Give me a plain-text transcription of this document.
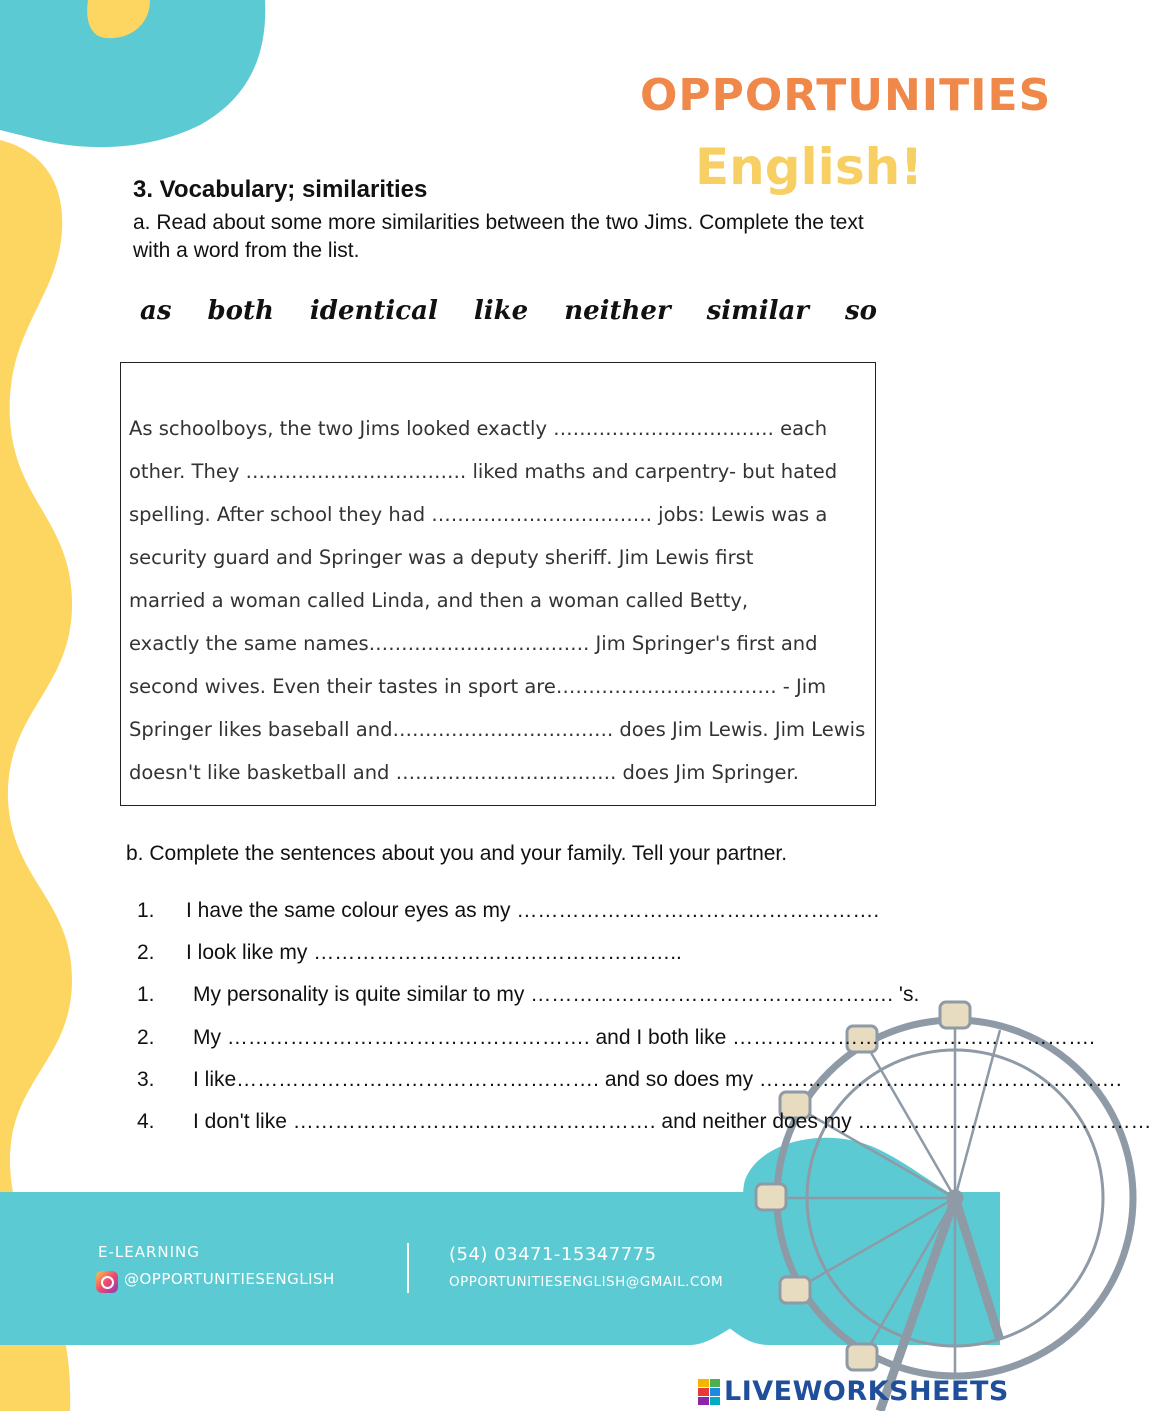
OPPORTUNITIES
English!
3. Vocabulary; similarities
a. Read about some more similarities between the two Jims. Complete the text with a word from the list.
as both identical like neither similar so
As schoolboys, the two Jims looked exactly ……………………………. each
other. They ……………………………. liked maths and carpentry- but hated
spelling. After school they had ……………………………. jobs: Lewis was a
security guard and Springer was a deputy sheriff. Jim Lewis first
married a woman called Linda, and then a woman called Betty,
exactly the same names……………………………. Jim Springer's first and
second wives. Even their tastes in sport are……………………………. - Jim
Springer likes baseball and……………………………. does Jim Lewis. Jim Lewis
doesn't like basketball and ……………………………. does Jim Springer.
b. Complete the sentences about you and your family. Tell your partner.
1. I have the same colour eyes as my …………………………………………….
2. I look like my ……………………………………………..
1. My personality is quite similar to my ……………………………………………. 's.
2. My ……………………………………………. and I both like …………………………………………….
3. I like……………………………………………. and so does my …………………………………………….
4. I don't like ……………………………………………. and neither does my ……………………………………
E-LEARNING
@OPPORTUNITIESENGLISH
(54) 03471-15347775
OPPORTUNITIESENGLISH@GMAIL.COM
LIVEWORKSHEETS
